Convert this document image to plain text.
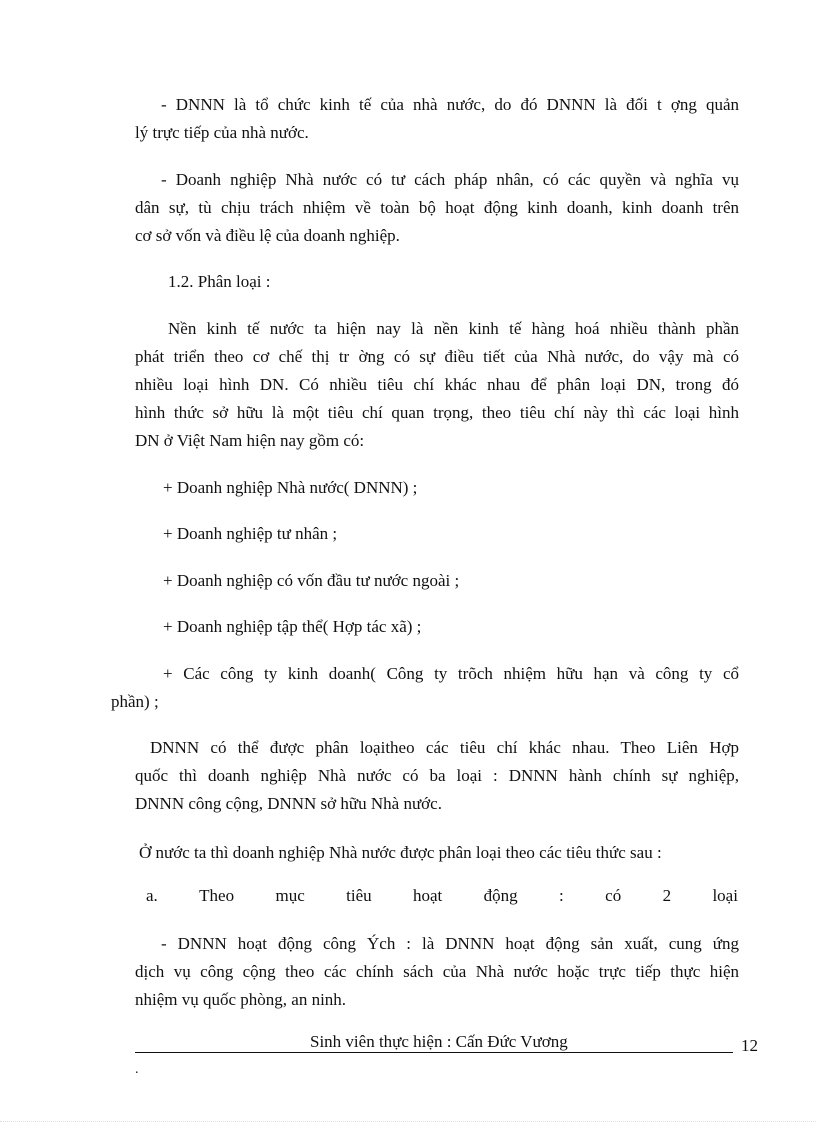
- DNNN là tổ chức kinh tế của nhà nước, do đó DNNN là đối t ợng quản
lý trực tiếp của nhà nước.
- Doanh nghiệp Nhà nước có tư cách pháp nhân, có các quyền và nghĩa vụ
dân sự, tù chịu trách nhiệm về toàn bộ hoạt động kinh doanh, kinh doanh trên
cơ sở vốn và điều lệ của doanh nghiệp.
1.2. Phân loại :
Nền kinh tế nước ta hiện nay là nền kinh tế hàng hoá nhiều thành phần
phát triển theo cơ chế thị tr ờng có sự điều tiết của Nhà nước, do vậy mà có
nhiều loại hình DN. Có nhiều tiêu chí khác nhau để phân loại DN, trong đó
hình thức sở hữu là một tiêu chí quan trọng, theo tiêu chí này thì các loại hình
DN ở Việt Nam hiện nay gồm có:
+ Doanh nghiệp Nhà nước( DNNN) ;
+ Doanh nghiệp tư nhân ;
+ Doanh nghiệp có vốn đầu tư nước ngoài ;
+ Doanh nghiệp tập thể( Hợp tác xã) ;
+ Các công ty kinh doanh( Công ty trõch nhiệm hữu hạn và công ty cổ
phần) ;
DNNN có thể được phân loạitheo các tiêu chí khác nhau. Theo Liên Hợp
quốc thì doanh nghiệp Nhà nước có ba loại : DNNN hành chính sự nghiệp,
DNNN công cộng, DNNN sở hữu Nhà nước.
Ở nước ta thì doanh nghiệp Nhà nước được phân loại theo các tiêu thức sau :
a. Theo mục tiêu hoạt động : có 2 loại
- DNNN hoạt động công Ých : là DNNN hoạt động sản xuất, cung ứng
dịch vụ công cộng theo các chính sách của Nhà nước hoặc trực tiếp thực hiện
nhiệm vụ quốc phòng, an ninh.
Sinh viên thực hiện : Cấn Đức Vương	12
.
